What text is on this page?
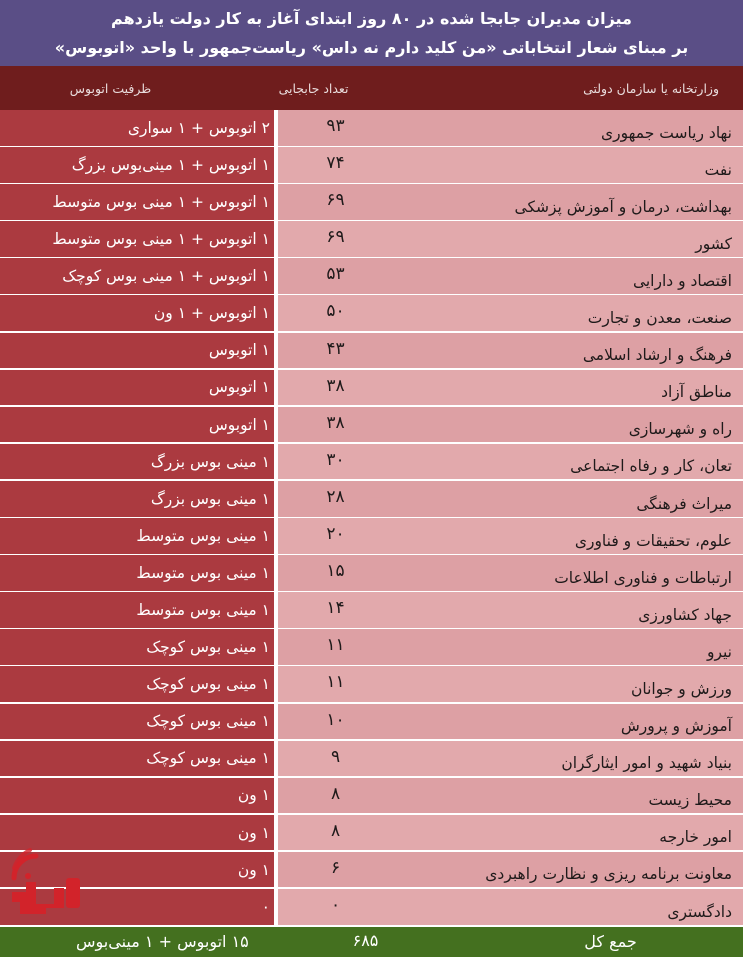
میزان مدیران جابجا شده در ۸۰ روز ابتدای آغاز به کار دولت یازدهم
بر مبنای شعار انتخاباتی «من کلید دارم نه داس» ریاست‌جمهور با واحد «اتوبوس»
وزارتخانه یا سازمان دولتی
تعداد جابجایی
ظرفیت اتوبوس
نهاد ریاست جمهوری
۹۳
۲ اتوبوس + ۱ سواری
نفت
۷۴
۱ اتوبوس + ۱ مینی‌بوس بزرگ
بهداشت، درمان و آموزش پزشکی
۶۹
۱ اتوبوس + ۱ مینی بوس متوسط
کشور
۶۹
۱ اتوبوس + ۱ مینی بوس متوسط
اقتصاد و دارایی
۵۳
۱ اتوبوس + ۱ مینی بوس کوچک
صنعت، معدن و تجارت
۵۰
۱ اتوبوس + ۱ ون
فرهنگ و ارشاد اسلامی
۴۳
۱ اتوبوس
مناطق آزاد
۳۸
۱ اتوبوس
راه و شهرسازی
۳۸
۱ اتوبوس
تعان، کار و رفاه اجتماعی
۳۰
۱ مینی بوس بزرگ
میراث فرهنگی
۲۸
۱ مینی بوس بزرگ
علوم، تحقیقات و فناوری
۲۰
۱ مینی بوس متوسط
ارتباطات و فناوری اطلاعات
۱۵
۱ مینی بوس متوسط
جهاد کشاورزی
۱۴
۱ مینی بوس متوسط
نیرو
۱۱
۱ مینی بوس کوچک
ورزش و جوانان
۱۱
۱ مینی بوس کوچک
آموزش و پرورش
۱۰
۱ مینی بوس کوچک
بنیاد شهید و امور ایثارگران
۹
۱ مینی بوس کوچک
محیط زیست
۸
۱ ون
امور خارجه
۸
۱ ون
معاونت برنامه ریزی و نظارت راهبردی
۶
۱ ون
دادگستری
۰
۰
جمع کل
۶۸۵
۱۵ اتوبوس + ۱ مینی‌بوس
